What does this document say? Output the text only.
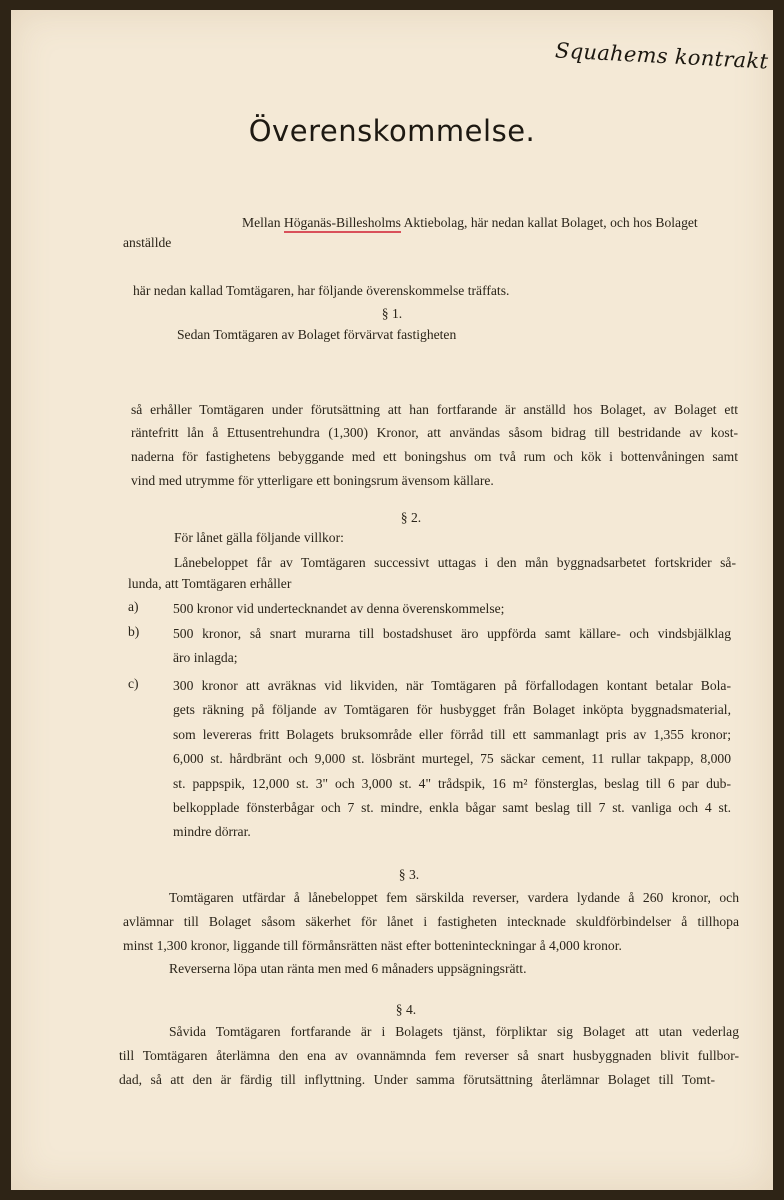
Squahems kontrakt
Överenskommelse.
Mellan Höganäs-Billesholms Aktiebolag, här nedan kallat Bolaget, och hos Bolaget
anställde
här nedan kallad Tomtägaren, har följande överenskommelse träffats.
§ 1.
Sedan Tomtägaren av Bolaget förvärvat fastigheten
så erhåller Tomtägaren under förutsättning att han fortfarande är anställd hos Bolaget, av Bolaget ett
räntefritt lån å Ettusentrehundra (1,300) Kronor, att användas såsom bidrag till bestridande av kost-
naderna för fastighetens bebyggande med ett boningshus om två rum och kök i bottenvåningen samt
vind med utrymme för ytterligare ett boningsrum ävensom källare.
§ 2.
För lånet gälla följande villkor:
Lånebeloppet får av Tomtägaren successivt uttagas i den mån byggnadsarbetet fortskrider så-
lunda, att Tomtägaren erhåller
a)	500 kronor vid undertecknandet av denna överenskommelse;
b) 500 kronor, så snart murarna till bostadshuset äro uppförda samt källare- och vindsbjälklag
äro inlagda;
c)	300 kronor att avräknas vid likviden, när Tomtägaren på förfallodagen kontant betalar Bola-
gets räkning på följande av Tomtägaren för husbygget från Bolaget inköpta byggnadsmaterial,
som levereras fritt Bolagets bruksområde eller förråd till ett sammanlagt pris av 1,355 kronor;
6,000 st. hårdbränt och 9,000 st. lösbränt murtegel, 75 säckar cement, 11 rullar takpapp, 8,000
st. pappspik, 12,000 st. 3" och 3,000 st. 4" trådspik, 16 m² fönsterglas, beslag till 6 par dub-
belkopplade fönsterbågar och 7 st. mindre, enkla bågar samt beslag till 7 st. vanliga och 4 st.
mindre dörrar.
§ 3.
Tomtägaren utfärdar å lånebeloppet fem särskilda reverser, vardera lydande å 260 kronor, och
avlämnar till Bolaget såsom säkerhet för lånet i fastigheten intecknade skuldförbindelser å tillhopa
minst 1,300 kronor, liggande till förmånsrätten näst efter botteninteckningar å 4,000 kronor.
Reverserna löpa utan ränta men med 6 månaders uppsägningsrätt.
§ 4.
Såvida Tomtägaren fortfarande är i Bolagets tjänst, förpliktar sig Bolaget att utan vederlag
till Tomtägaren återlämna den ena av ovannämnda fem reverser så snart husbyggnaden blivit fullbor-
dad, så att den är färdig till inflyttning. Under samma förutsättning återlämnar Bolaget till Tomt-
